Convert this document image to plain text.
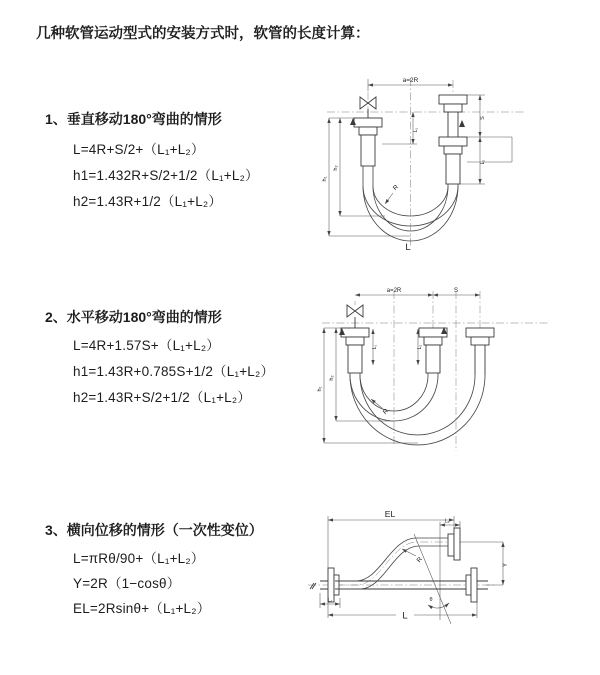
几种软管运动型式的安装方式时，软管的长度计算：
1、垂直移动180°弯曲的情形
L=4R+S/2+（L₁+L₂）
h1=1.432R+S/2+1/2（L₁+L₂）
h2=1.43R+1/2（L₁+L₂）
2、水平移动180°弯曲的情形
L=4R+1.57S+（L₁+L₂）
h1=1.43R+0.785S+1/2（L₁+L₂）
h2=1.43R+S/2+1/2（L₁+L₂）
3、横向位移的情形（一次性变位）
L=πRθ/90+（L₁+L₂）
Y=2R（1−cosθ）
EL=2Rsinθ+（L₁+L₂）
a=2R
L₁
S
L₂
h₁
h₂
R
L
a=2R	S
L₁	L₂
h₁
h₂
R
EL
L₂
Y
L
L₁
R
θ
